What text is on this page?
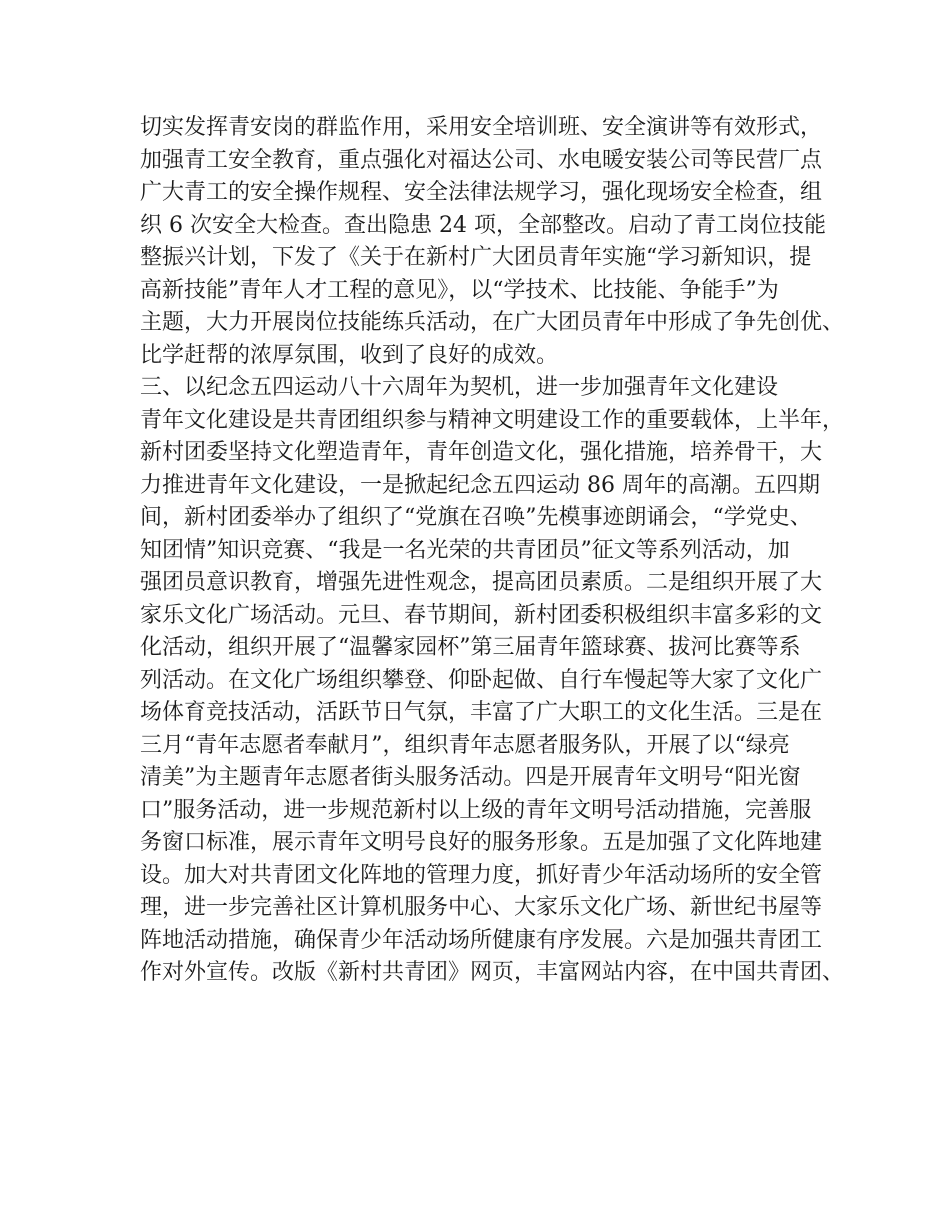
切实发挥青安岗的群监作用，采用安全培训班、安全演讲等有效形式，
加强青工安全教育，重点强化对福达公司、水电暖安装公司等民营厂点
广大青工的安全操作规程、安全法律法规学习，强化现场安全检查，组
织 6 次安全大检查。查出隐患 24 项，全部整改。启动了青工岗位技能
整振兴计划，下发了《关于在新村广大团员青年实施“学习新知识，提
高新技能”青年人才工程的意见》，以“学技术、比技能、争能手”为
主题，大力开展岗位技能练兵活动，在广大团员青年中形成了争先创优、
比学赶帮的浓厚氛围，收到了良好的成效。
三、以纪念五四运动八十六周年为契机，进一步加强青年文化建设
青年文化建设是共青团组织参与精神文明建设工作的重要载体，上半年，
新村团委坚持文化塑造青年，青年创造文化，强化措施，培养骨干，大
力推进青年文化建设，一是掀起纪念五四运动 86 周年的高潮。五四期
间，新村团委举办了组织了“党旗在召唤”先模事迹朗诵会，“学党史、
知团情”知识竞赛、“我是一名光荣的共青团员”征文等系列活动，加
强团员意识教育，增强先进性观念，提高团员素质。二是组织开展了大
家乐文化广场活动。元旦、春节期间，新村团委积极组织丰富多彩的文
化活动，组织开展了“温馨家园杯”第三届青年篮球赛、拔河比赛等系
列活动。在文化广场组织攀登、仰卧起做、自行车慢起等大家了文化广
场体育竞技活动，活跃节日气氛，丰富了广大职工的文化生活。三是在
三月“青年志愿者奉献月”，组织青年志愿者服务队，开展了以“绿亮
清美”为主题青年志愿者街头服务活动。四是开展青年文明号“阳光窗
口”服务活动，进一步规范新村以上级的青年文明号活动措施，完善服
务窗口标准，展示青年文明号良好的服务形象。五是加强了文化阵地建
设。加大对共青团文化阵地的管理力度，抓好青少年活动场所的安全管
理，进一步完善社区计算机服务中心、大家乐文化广场、新世纪书屋等
阵地活动措施，确保青少年活动场所健康有序发展。六是加强共青团工
作对外宣传。改版《新村共青团》网页，丰富网站内容，在中国共青团、
